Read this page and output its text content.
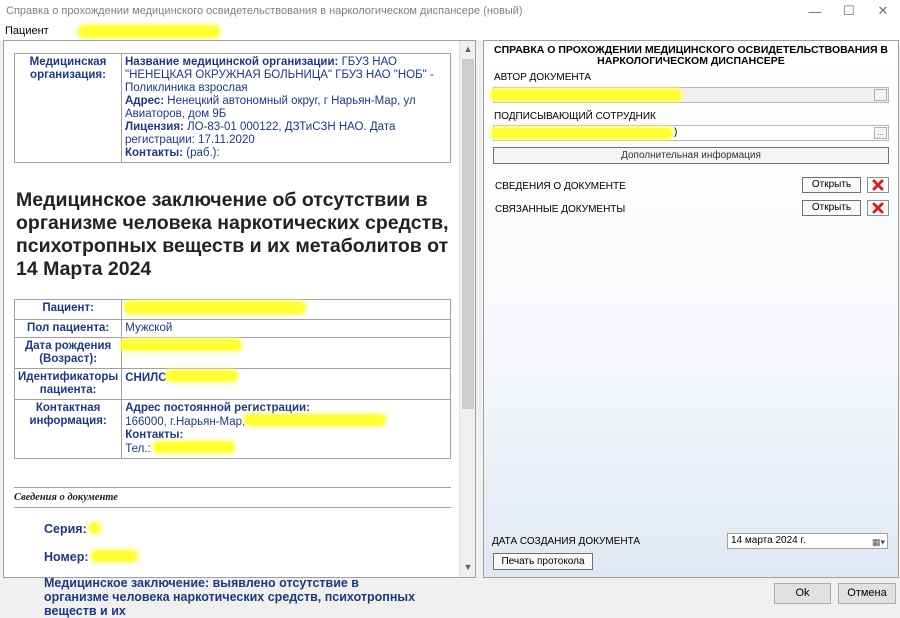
Справка о прохождении медицинского освидетельствования в наркологическом диспансере (новый)	—	☐	✕
Пациент
Медицинская организация:	Название медицинской организации: ГБУЗ НАО "НЕНЕЦКАЯ ОКРУЖНАЯ БОЛЬНИЦА" ГБУЗ НАО "НОБ" - Поликлиника взрослая
Адрес: Ненецкий автономный округ, г Нарьян-Мар, ул Авиаторов, дом 9Б
Лицензия: ЛО-83-01 000122, ДЗТиСЗН НАО. Дата регистрации: 17.11.2020
Контакты: (раб.):
Медицинское заключение об отсутствии в организме человека наркотических средств, психотропных веществ и их метаболитов от 14 Марта 2024
Пациент:	
Пол пациента:	Мужской
Дата рождения (Возраст):	
Идентификаторы пациента:	СНИЛС
Контактная информация:	Адрес постоянной регистрации:
166000, г.Нарьян-Мар,
Контакты:
Тел.:
Сведения о документе
Серия:
Номер:
Медицинское заключение: выявлено отсутствие в организме человека наркотических средств, психотропных веществ и их
▲
▼
СПРАВКА О ПРОХОЖДЕНИИ МЕДИЦИНСКОГО ОСВИДЕТЕЛЬСТВОВАНИЯ В НАРКОЛОГИЧЕСКОМ ДИСПАНСЕРЕ
АВТОР ДОКУМЕНТА
ПОДПИСЫВАЮЩИЙ СОТРУДНИК
)	...
Дополнительная информация
СВЕДЕНИЯ О ДОКУМЕНТЕ	Открыть
СВЯЗАННЫЕ ДОКУМЕНТЫ	Открыть
ДАТА СОЗДАНИЯ ДОКУМЕНТА	14 марта 2024 г.	▦▾
Печать протокола
Ok	Отмена
